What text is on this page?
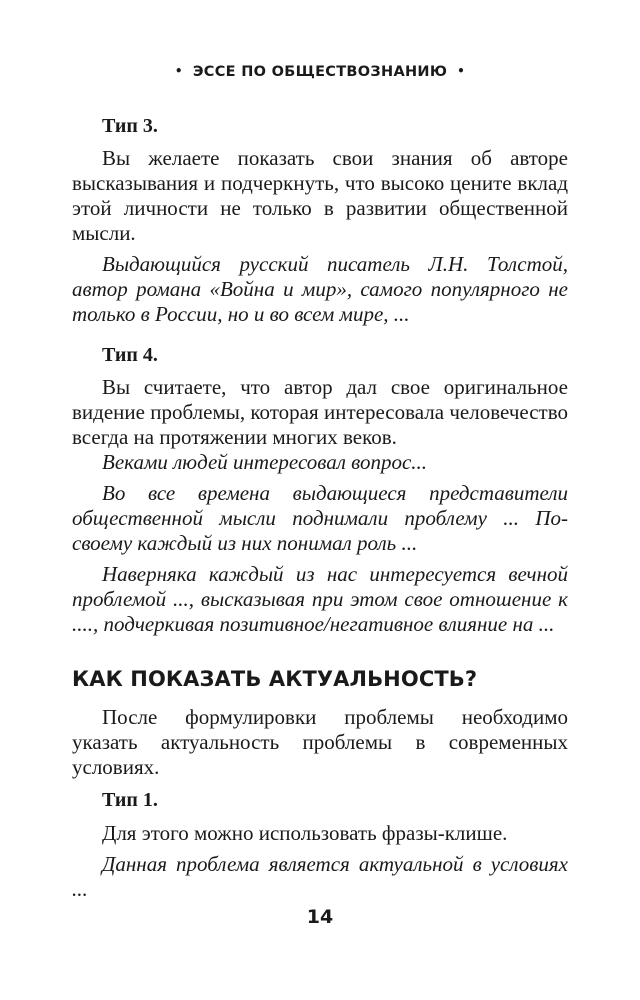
• ЭССЕ ПО ОБЩЕСТВОЗНАНИЮ •
Тип 3.

Вы желаете показать свои знания об авторе высказывания и подчеркнуть, что высоко цените вклад этой личности не только в развитии общественной мысли.

Выдающийся русский писатель Л.Н. Толстой, автор романа «Война и мир», самого популярного не только в России, но и во всем мире, ...

Тип 4.

Вы считаете, что автор дал свое оригинальное видение проблемы, которая интересовала человечество всегда на протяжении многих веков.

Веками людей интересовал вопрос...

Во все времена выдающиеся представители общественной мысли поднимали проблему ... По-своему каждый из них понимал роль ...

Наверняка каждый из нас интересуется вечной проблемой ..., высказывая при этом свое отношение к ...., подчеркивая позитивное/негативное влияние на ...

КАК ПОКАЗАТЬ АКТУАЛЬНОСТЬ?

После формулировки проблемы необходимо указать актуальность проблемы в современных условиях.

Тип 1.

Для этого можно использовать фразы-клише.

Данная проблема является актуальной в условиях ...

14
